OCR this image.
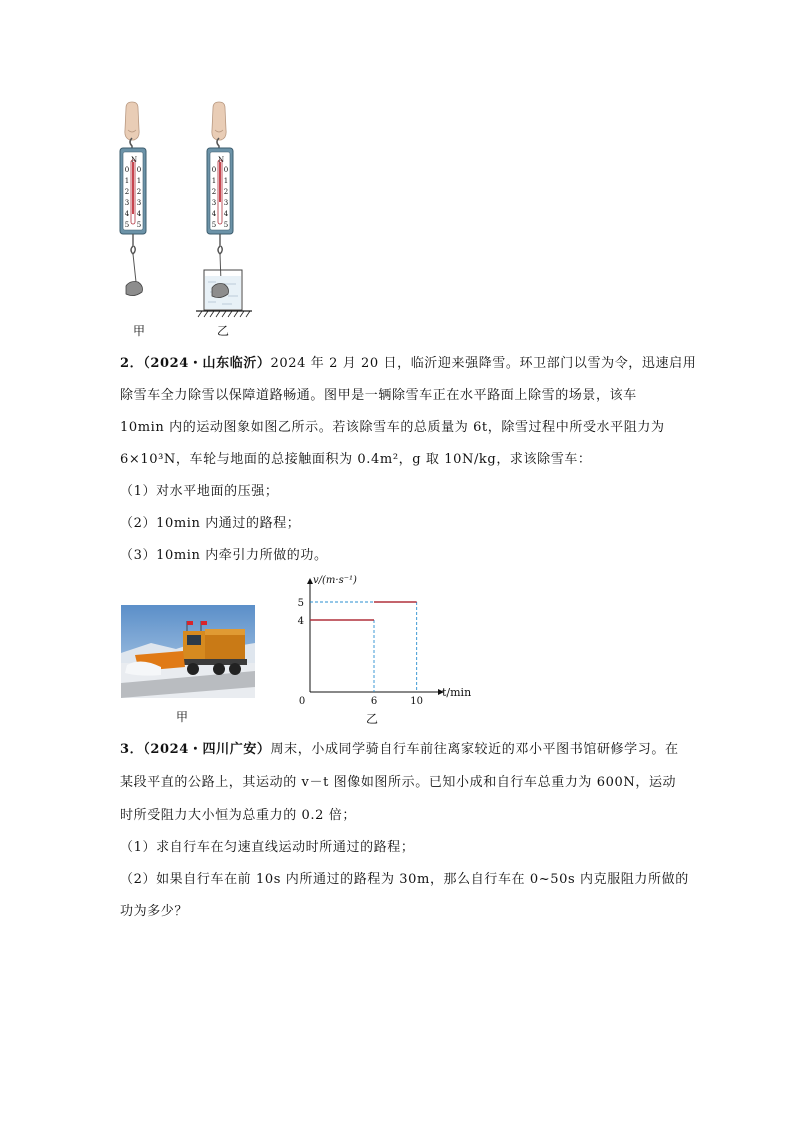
N
0 0
1 1
2 2
3 3
4 4
5 5
N
0 0
1 1
2 2
3 3
4 4
5 5
甲	乙
2．（2024・山东临沂）2024 年 2 月 20 日，临沂迎来强降雪。环卫部门以雪为令，迅速启用
除雪车全力除雪以保障道路畅通。图甲是一辆除雪车正在水平路面上除雪的场景，该车
10min 内的运动图象如图乙所示。若该除雪车的总质量为 6t，除雪过程中所受水平阻力为
6×10³N，车轮与地面的总接触面积为 0.4m²，g 取 10N/kg，求该除雪车：
（1）对水平地面的压强；
（2）10min 内通过的路程；
（3）10min 内牵引力所做的功。
甲
v/(m·s⁻¹)
t/min
0	6	10
4
5
乙
3．（2024・四川广安）周末，小成同学骑自行车前往离家较近的邓小平图书馆研修学习。在
某段平直的公路上，其运动的 v－t 图像如图所示。已知小成和自行车总重力为 600N，运动
时所受阻力大小恒为总重力的 0.2 倍；
（1）求自行车在匀速直线运动时所通过的路程；
（2）如果自行车在前 10s 内所通过的路程为 30m，那么自行车在 0~50s 内克服阻力所做的
功为多少？
